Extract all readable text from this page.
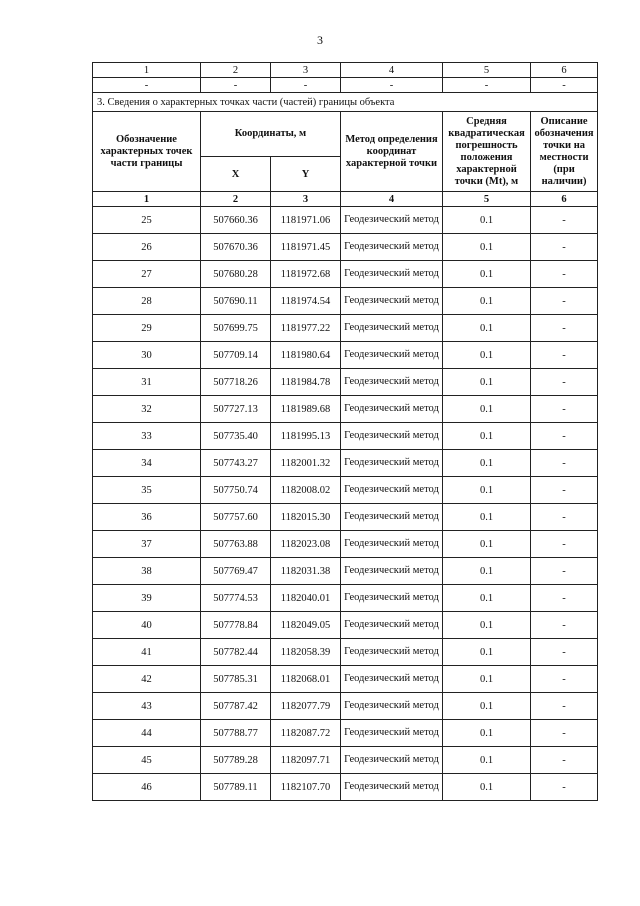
3
1	2	3	4	5	6
-	-	-	-	-	-
3. Сведения о характерных точках части (частей) границы объекта					
Обозначение характерных точек части границы	Координаты, м		Метод определения координат характерной точки	Средняя квадратическая погрешность положения характерной точки (Mt), м	Описание обозначения точки на местности (при наличии)
	X	Y			
1	2	3	4	5	6
25	507660.36	1181971.06	Геодезический метод	0.1	-
26	507670.36	1181971.45	Геодезический метод	0.1	-
27	507680.28	1181972.68	Геодезический метод	0.1	-
28	507690.11	1181974.54	Геодезический метод	0.1	-
29	507699.75	1181977.22	Геодезический метод	0.1	-
30	507709.14	1181980.64	Геодезический метод	0.1	-
31	507718.26	1181984.78	Геодезический метод	0.1	-
32	507727.13	1181989.68	Геодезический метод	0.1	-
33	507735.40	1181995.13	Геодезический метод	0.1	-
34	507743.27	1182001.32	Геодезический метод	0.1	-
35	507750.74	1182008.02	Геодезический метод	0.1	-
36	507757.60	1182015.30	Геодезический метод	0.1	-
37	507763.88	1182023.08	Геодезический метод	0.1	-
38	507769.47	1182031.38	Геодезический метод	0.1	-
39	507774.53	1182040.01	Геодезический метод	0.1	-
40	507778.84	1182049.05	Геодезический метод	0.1	-
41	507782.44	1182058.39	Геодезический метод	0.1	-
42	507785.31	1182068.01	Геодезический метод	0.1	-
43	507787.42	1182077.79	Геодезический метод	0.1	-
44	507788.77	1182087.72	Геодезический метод	0.1	-
45	507789.28	1182097.71	Геодезический метод	0.1	-
46	507789.11	1182107.70	Геодезический метод	0.1	-
